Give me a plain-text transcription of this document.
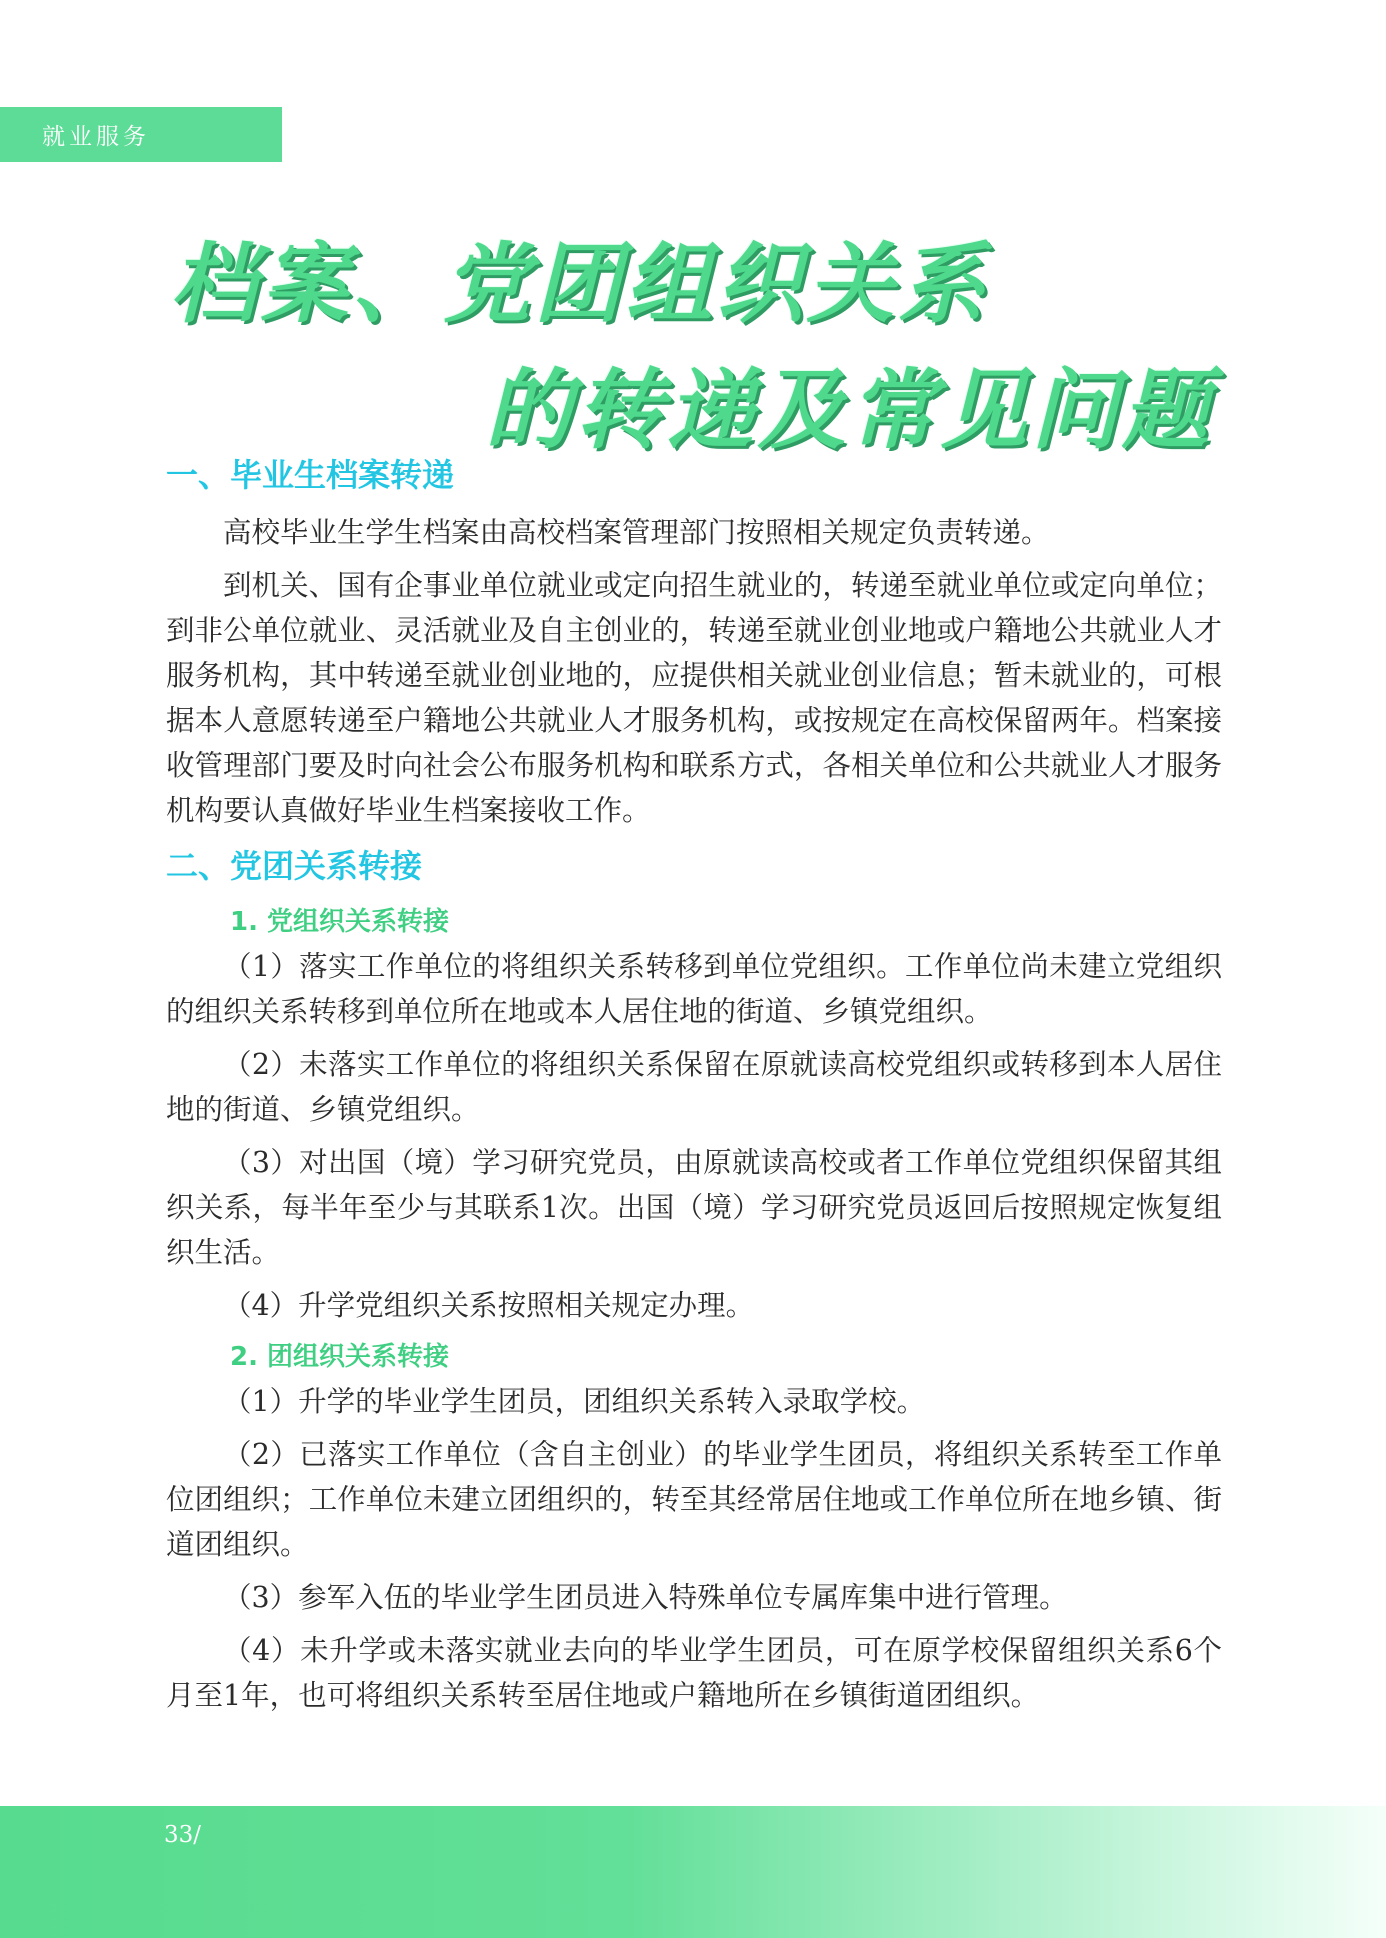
就业服务
档案、党团组织关系
的转递及常见问题
一、毕业生档案转递

高校毕业生学生档案由高校档案管理部门按照相关规定负责转递。

到机关、国有企事业单位就业或定向招生就业的，转递至就业单位或定向单位；到非公单位就业、灵活就业及自主创业的，转递至就业创业地或户籍地公共就业人才服务机构，其中转递至就业创业地的，应提供相关就业创业信息；暂未就业的，可根据本人意愿转递至户籍地公共就业人才服务机构，或按规定在高校保留两年。档案接收管理部门要及时向社会公布服务机构和联系方式，各相关单位和公共就业人才服务机构要认真做好毕业生档案接收工作。

二、党团关系转接
1. 党组织关系转接

（1）落实工作单位的将组织关系转移到单位党组织。工作单位尚未建立党组织的组织关系转移到单位所在地或本人居住地的街道、乡镇党组织。

（2）未落实工作单位的将组织关系保留在原就读高校党组织或转移到本人居住地的街道、乡镇党组织。

（3）对出国（境）学习研究党员，由原就读高校或者工作单位党组织保留其组织关系，每半年至少与其联系1次。出国（境）学习研究党员返回后按照规定恢复组织生活。

（4）升学党组织关系按照相关规定办理。

2. 团组织关系转接

（1）升学的毕业学生团员，团组织关系转入录取学校。

（2）已落实工作单位（含自主创业）的毕业学生团员，将组织关系转至工作单位团组织；工作单位未建立团组织的，转至其经常居住地或工作单位所在地乡镇、街道团组织。

（3）参军入伍的毕业学生团员进入特殊单位专属库集中进行管理。

（4）未升学或未落实就业去向的毕业学生团员，可在原学校保留组织关系6个月至1年，也可将组织关系转至居住地或户籍地所在乡镇街道团组织。

33/
